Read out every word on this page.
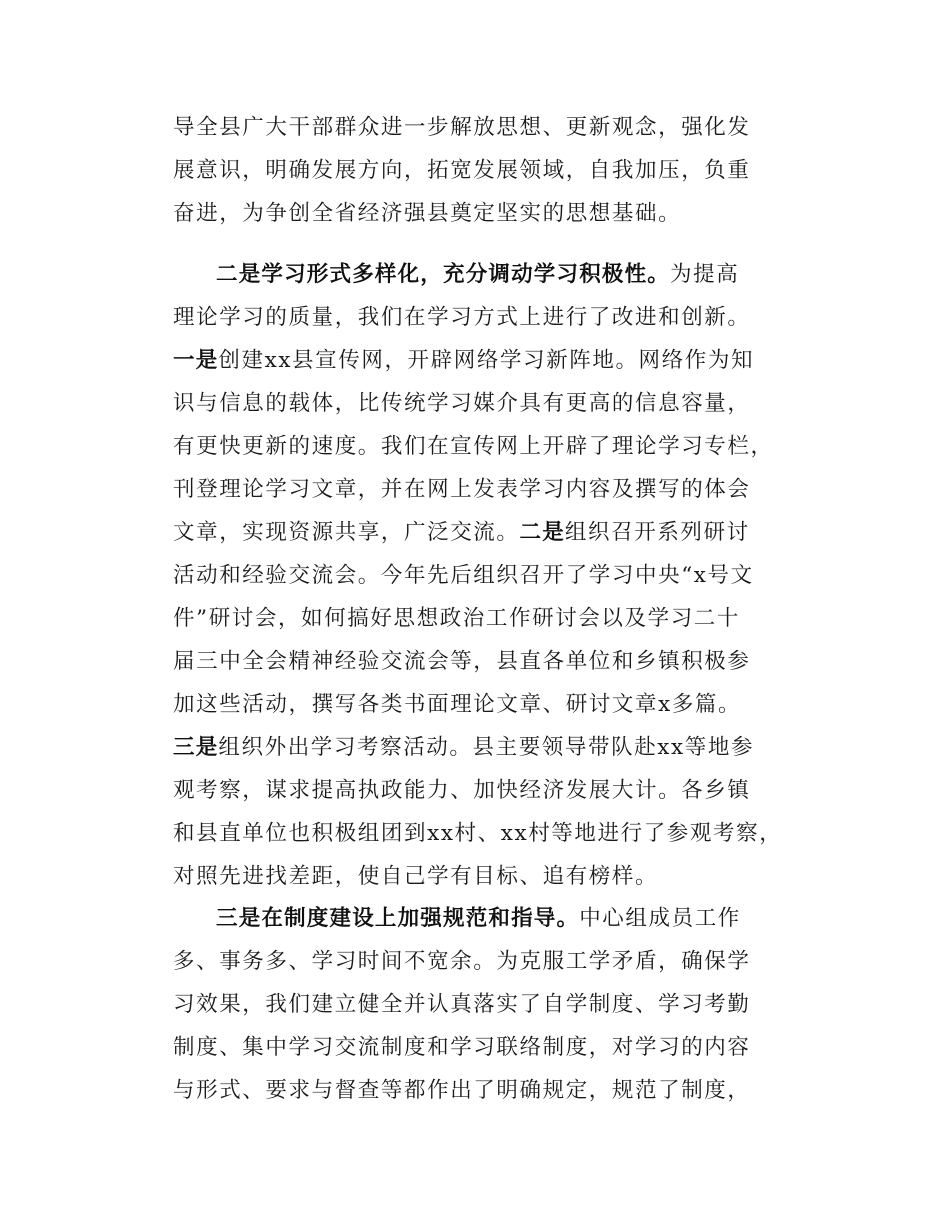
导全县广大干部群众进一步解放思想、更新观念，强化发
展意识，明确发展方向，拓宽发展领域，自我加压，负重
奋进，为争创全省经济强县奠定坚实的思想基础。
二是学习形式多样化，充分调动学习积极性。为提高
理论学习的质量，我们在学习方式上进行了改进和创新。
一是创建xx县宣传网，开辟网络学习新阵地。网络作为知
识与信息的载体，比传统学习媒介具有更高的信息容量，
有更快更新的速度。我们在宣传网上开辟了理论学习专栏，
刊登理论学习文章，并在网上发表学习内容及撰写的体会
文章，实现资源共享，广泛交流。二是组织召开系列研讨
活动和经验交流会。今年先后组织召开了学习中央“x号文
件”研讨会，如何搞好思想政治工作研讨会以及学习二十
届三中全会精神经验交流会等，县直各单位和乡镇积极参
加这些活动，撰写各类书面理论文章、研讨文章x多篇。
三是组织外出学习考察活动。县主要领导带队赴xx等地参
观考察，谋求提高执政能力、加快经济发展大计。各乡镇
和县直单位也积极组团到xx村、xx村等地进行了参观考察，
对照先进找差距，使自己学有目标、追有榜样。
三是在制度建设上加强规范和指导。中心组成员工作
多、事务多、学习时间不宽余。为克服工学矛盾，确保学
习效果，我们建立健全并认真落实了自学制度、学习考勤
制度、集中学习交流制度和学习联络制度，对学习的内容
与形式、要求与督查等都作出了明确规定，规范了制度，
